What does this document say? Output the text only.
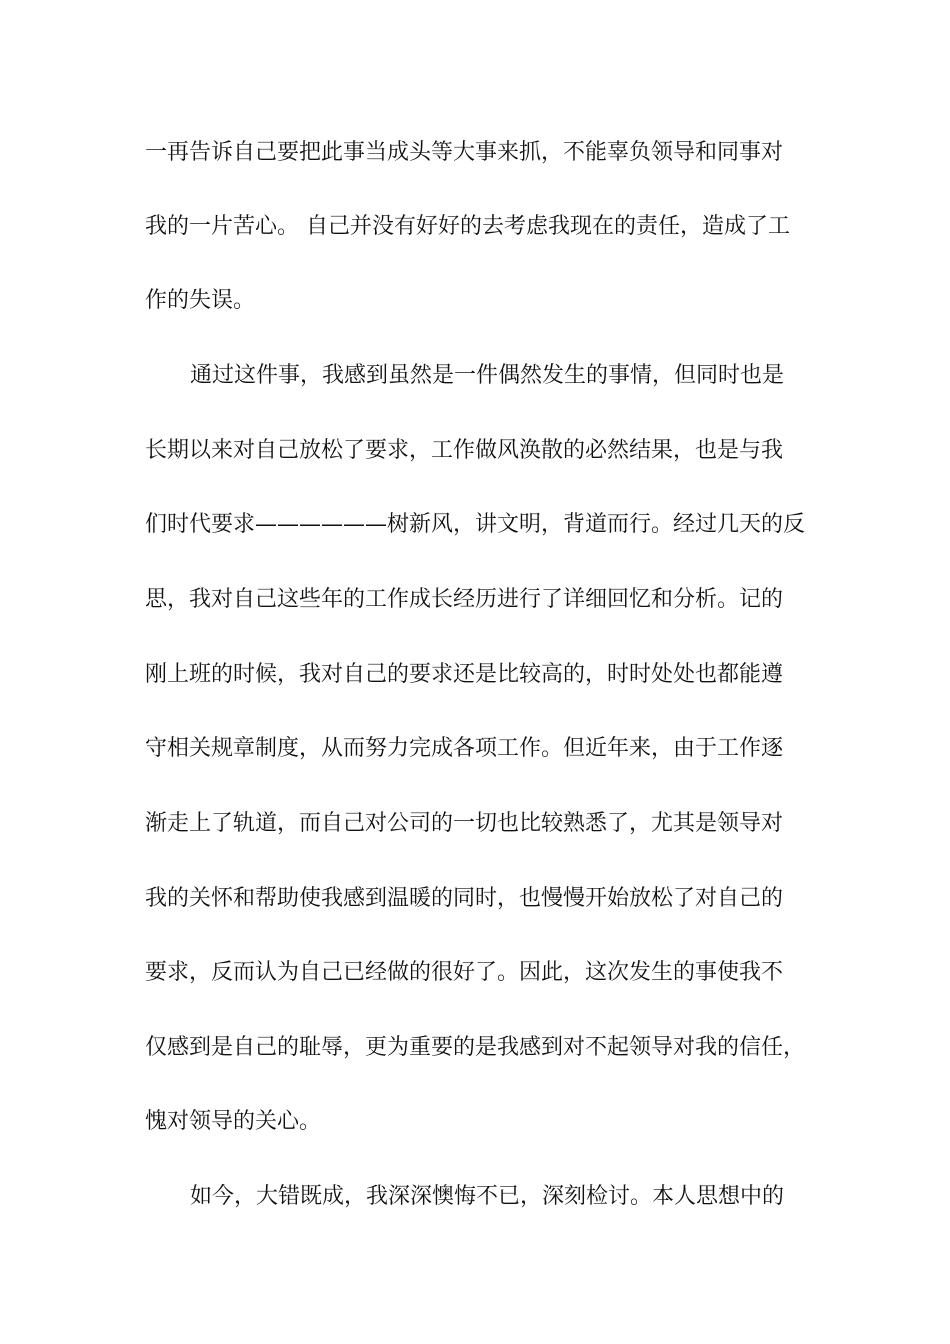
一再告诉自己要把此事当成头等大事来抓，不能辜负领导和同事对
我的一片苦心。 自己并没有好好的去考虑我现在的责任，造成了工
作的失误。
通过这件事，我感到虽然是一件偶然发生的事情，但同时也是
长期以来对自己放松了要求，工作做风涣散的必然结果，也是与我
们时代要求——————树新风，讲文明，背道而行。经过几天的反
思，我对自己这些年的工作成长经历进行了详细回忆和分析。记的
刚上班的时候，我对自己的要求还是比较高的，时时处处也都能遵
守相关规章制度，从而努力完成各项工作。但近年来，由于工作逐
渐走上了轨道，而自己对公司的一切也比较熟悉了，尤其是领导对
我的关怀和帮助使我感到温暖的同时，也慢慢开始放松了对自己的
要求，反而认为自己已经做的很好了。因此，这次发生的事使我不
仅感到是自己的耻辱，更为重要的是我感到对不起领导对我的信任，
愧对领导的关心。
如今，大错既成，我深深懊悔不已，深刻检讨。本人思想中的
